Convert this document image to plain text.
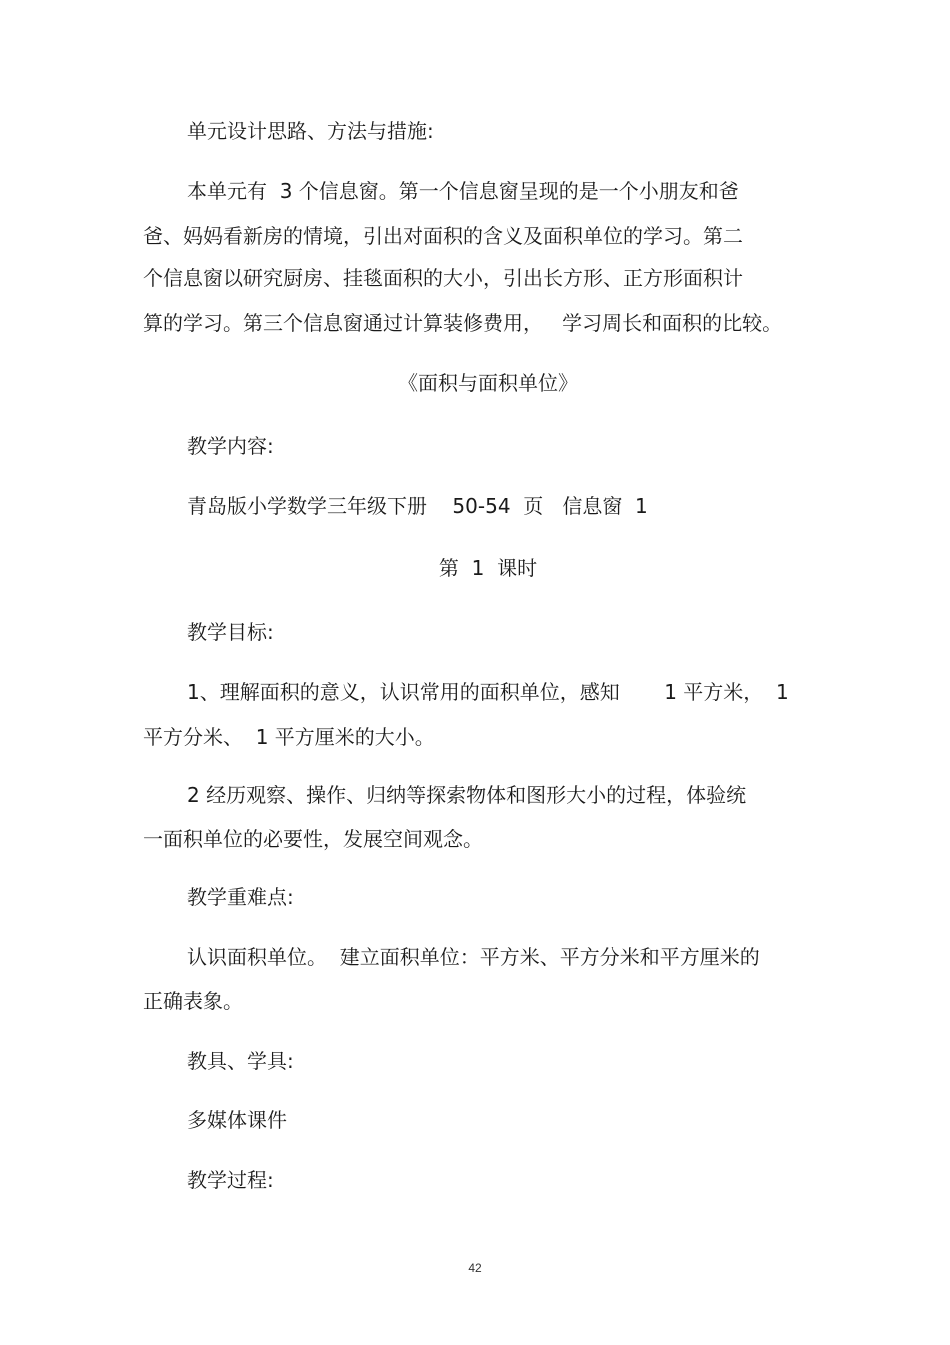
单元设计思路、方法与措施:

本单元有  3 个信息窗。第一个信息窗呈现的是一个小朋友和爸

爸、妈妈看新房的情境，引出对面积的含义及面积单位的学习。第二

个信息窗以研究厨房、挂毯面积的大小，引出长方形、正方形面积计

算的学习。第三个信息窗通过计算装修费用，   学习周长和面积的比较。

《面积与面积单位》

教学内容:

青岛版小学数学三年级下册    50-54  页   信息窗  1

第  1  课时

教学目标:

1、理解面积的意义，认识常用的面积单位，感知       1 平方米，  1

平方分米、  1 平方厘米的大小。

2 经历观察、操作、归纳等探索物体和图形大小的过程，体验统

一面积单位的必要性，发展空间观念。

教学重难点:

认识面积单位。  建立面积单位：平方米、平方分米和平方厘米的

正确表象。

教具、学具:

多媒体课件

教学过程:

42
